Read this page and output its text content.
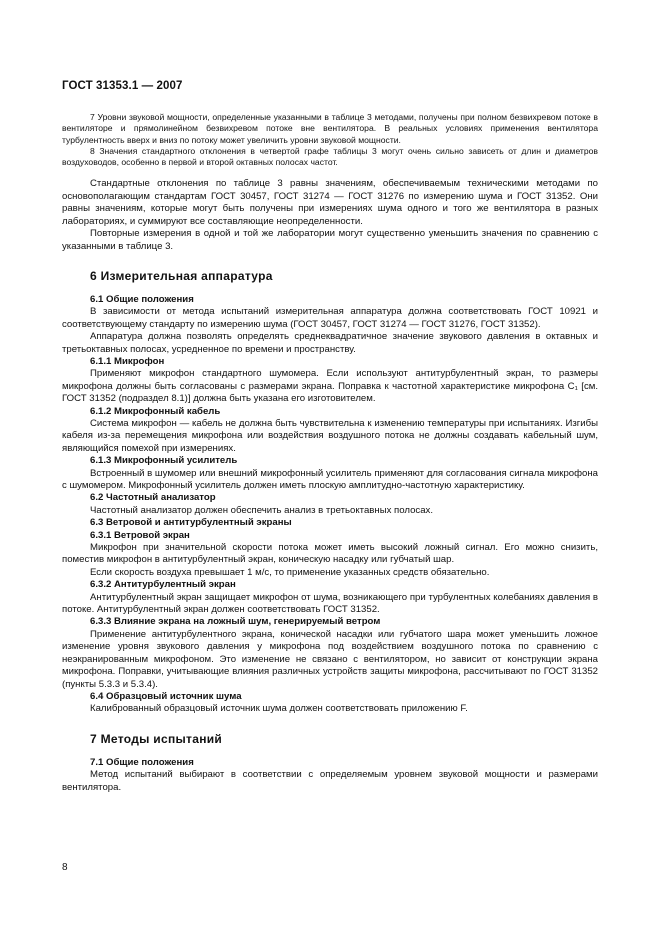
ГОСТ 31353.1 — 2007

7 Уровни звуковой мощности, определенные указанными в таблице 3 методами, получены при полном безвихревом потоке в вентиляторе и прямолинейном безвихревом потоке вне вентилятора. В реальных условиях применения вентилятора турбулентность вверх и вниз по потоку может увеличить уровни звуковой мощности.

8 Значения стандартного отклонения в четвертой графе таблицы 3 могут очень сильно зависеть от длин и диаметров воздуховодов, особенно в первой и второй октавных полосах частот.

Стандартные отклонения по таблице 3 равны значениям, обеспечиваемым техническими методами по основополагающим стандартам ГОСТ 30457, ГОСТ 31274 — ГОСТ 31276 по измерению шума и ГОСТ 31352. Они равны значениям, которые могут быть получены при измерениях шума одного и того же вентилятора в разных лабораториях, и суммируют все составляющие неопределенности.

Повторные измерения в одной и той же лаборатории могут существенно уменьшить значения по сравнению с указанными в таблице 3.

6 Измерительная аппаратура
6.1 Общие положения

В зависимости от метода испытаний измерительная аппаратура должна соответствовать ГОСТ 10921 и соответствующему стандарту по измерению шума (ГОСТ 30457, ГОСТ 31274 — ГОСТ 31276, ГОСТ 31352).

Аппаратура должна позволять определять среднеквадратичное значение звукового давления в октавных и третьоктавных полосах, усредненное по времени и пространству.

6.1.1 Микрофон

Применяют микрофон стандартного шумомера. Если используют антитурбулентный экран, то размеры микрофона должны быть согласованы с размерами экрана. Поправка к частотной характеристике микрофона C₁ [см. ГОСТ 31352 (подраздел 8.1)] должна быть указана его изготовителем.

6.1.2 Микрофонный кабель

Система микрофон — кабель не должна быть чувствительна к изменению температуры при испытаниях. Изгибы кабеля из-за перемещения микрофона или воздействия воздушного потока не должны создавать кабельный шум, являющийся помехой при измерениях.

6.1.3 Микрофонный усилитель

Встроенный в шумомер или внешний микрофонный усилитель применяют для согласования сигнала микрофона с шумомером. Микрофонный усилитель должен иметь плоскую амплитудно-частотную характеристику.

6.2 Частотный анализатор

Частотный анализатор должен обеспечить анализ в третьоктавных полосах.

6.3 Ветровой и антитурбулентный экраны
6.3.1 Ветровой экран

Микрофон при значительной скорости потока может иметь высокий ложный сигнал. Его можно снизить, поместив микрофон в антитурбулентный экран, коническую насадку или губчатый шар.

Если скорость воздуха превышает 1 м/с, то применение указанных средств обязательно.

6.3.2 Антитурбулентный экран

Антитурбулентный экран защищает микрофон от шума, возникающего при турбулентных колебаниях давления в потоке. Антитурбулентный экран должен соответствовать ГОСТ 31352.

6.3.3 Влияние экрана на ложный шум, генерируемый ветром

Применение антитурбулентного экрана, конической насадки или губчатого шара может уменьшить ложное изменение уровня звукового давления у микрофона под воздействием воздушного потока по сравнению с неэкранированным микрофоном. Это изменение не связано с вентилятором, но зависит от конструкции экрана микрофона. Поправки, учитывающие влияния различных устройств защиты микрофона, рассчитывают по ГОСТ 31352 (пункты 5.3.3 и 5.3.4).

6.4 Образцовый источник шума

Калиброванный образцовый источник шума должен соответствовать приложению F.

7 Методы испытаний
7.1 Общие положения

Метод испытаний выбирают в соответствии с определяемым уровнем звуковой мощности и размерами вентилятора.

8
